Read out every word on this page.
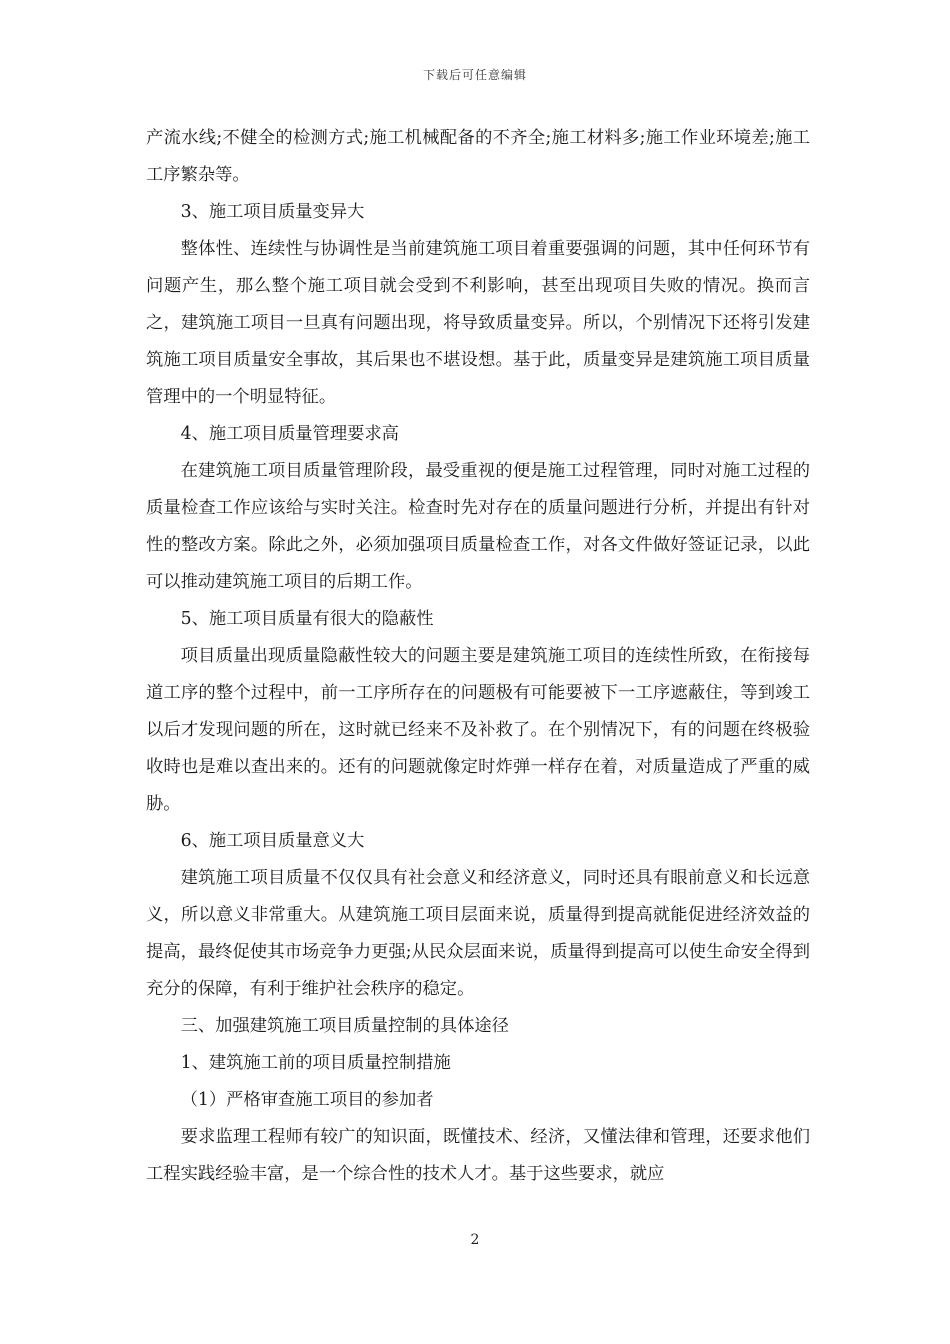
下载后可任意编辑

产流水线;不健全的检测方式;施工机械配备的不齐全;施工材料多;施工作业环境差;施工工序繁杂等。

3、施工项目质量变异大

整体性、连续性与协调性是当前建筑施工项目着重要强调的问题，其中任何环节有问题产生，那么整个施工项目就会受到不利影响，甚至出现项目失败的情况。换而言之，建筑施工项目一旦真有问题出现，将导致质量变异。所以，个别情况下还将引发建筑施工项目质量安全事故，其后果也不堪设想。基于此，质量变异是建筑施工项目质量管理中的一个明显特征。

4、施工项目质量管理要求高

在建筑施工项目质量管理阶段，最受重视的便是施工过程管理，同时对施工过程的质量检查工作应该给与实时关注。检查时先对存在的质量问题进行分析，并提出有针对性的整改方案。除此之外，必须加强项目质量检查工作，对各文件做好签证记录，以此可以推动建筑施工项目的后期工作。

5、施工项目质量有很大的隐蔽性

项目质量出现质量隐蔽性较大的问题主要是建筑施工项目的连续性所致，在衔接每道工序的整个过程中，前一工序所存在的问题极有可能要被下一工序遮蔽住，等到竣工以后才发现问题的所在，这时就已经来不及补救了。在个别情况下，有的问题在终极验收時也是难以查出来的。还有的问题就像定时炸弹一样存在着，对质量造成了严重的威胁。

6、施工项目质量意义大

建筑施工项目质量不仅仅具有社会意义和经济意义，同时还具有眼前意义和长远意义，所以意义非常重大。从建筑施工项目层面来说，质量得到提高就能促进经济效益的提高，最终促使其市场竞争力更强;从民众层面来说，质量得到提高可以使生命安全得到充分的保障，有利于维护社会秩序的稳定。

三、加强建筑施工项目质量控制的具体途径

1、建筑施工前的项目质量控制措施

（1）严格审查施工项目的参加者

要求监理工程师有较广的知识面，既懂技术、经济，又懂法律和管理，还要求他们工程实践经验丰富，是一个综合性的技术人才。基于这些要求，就应

2
